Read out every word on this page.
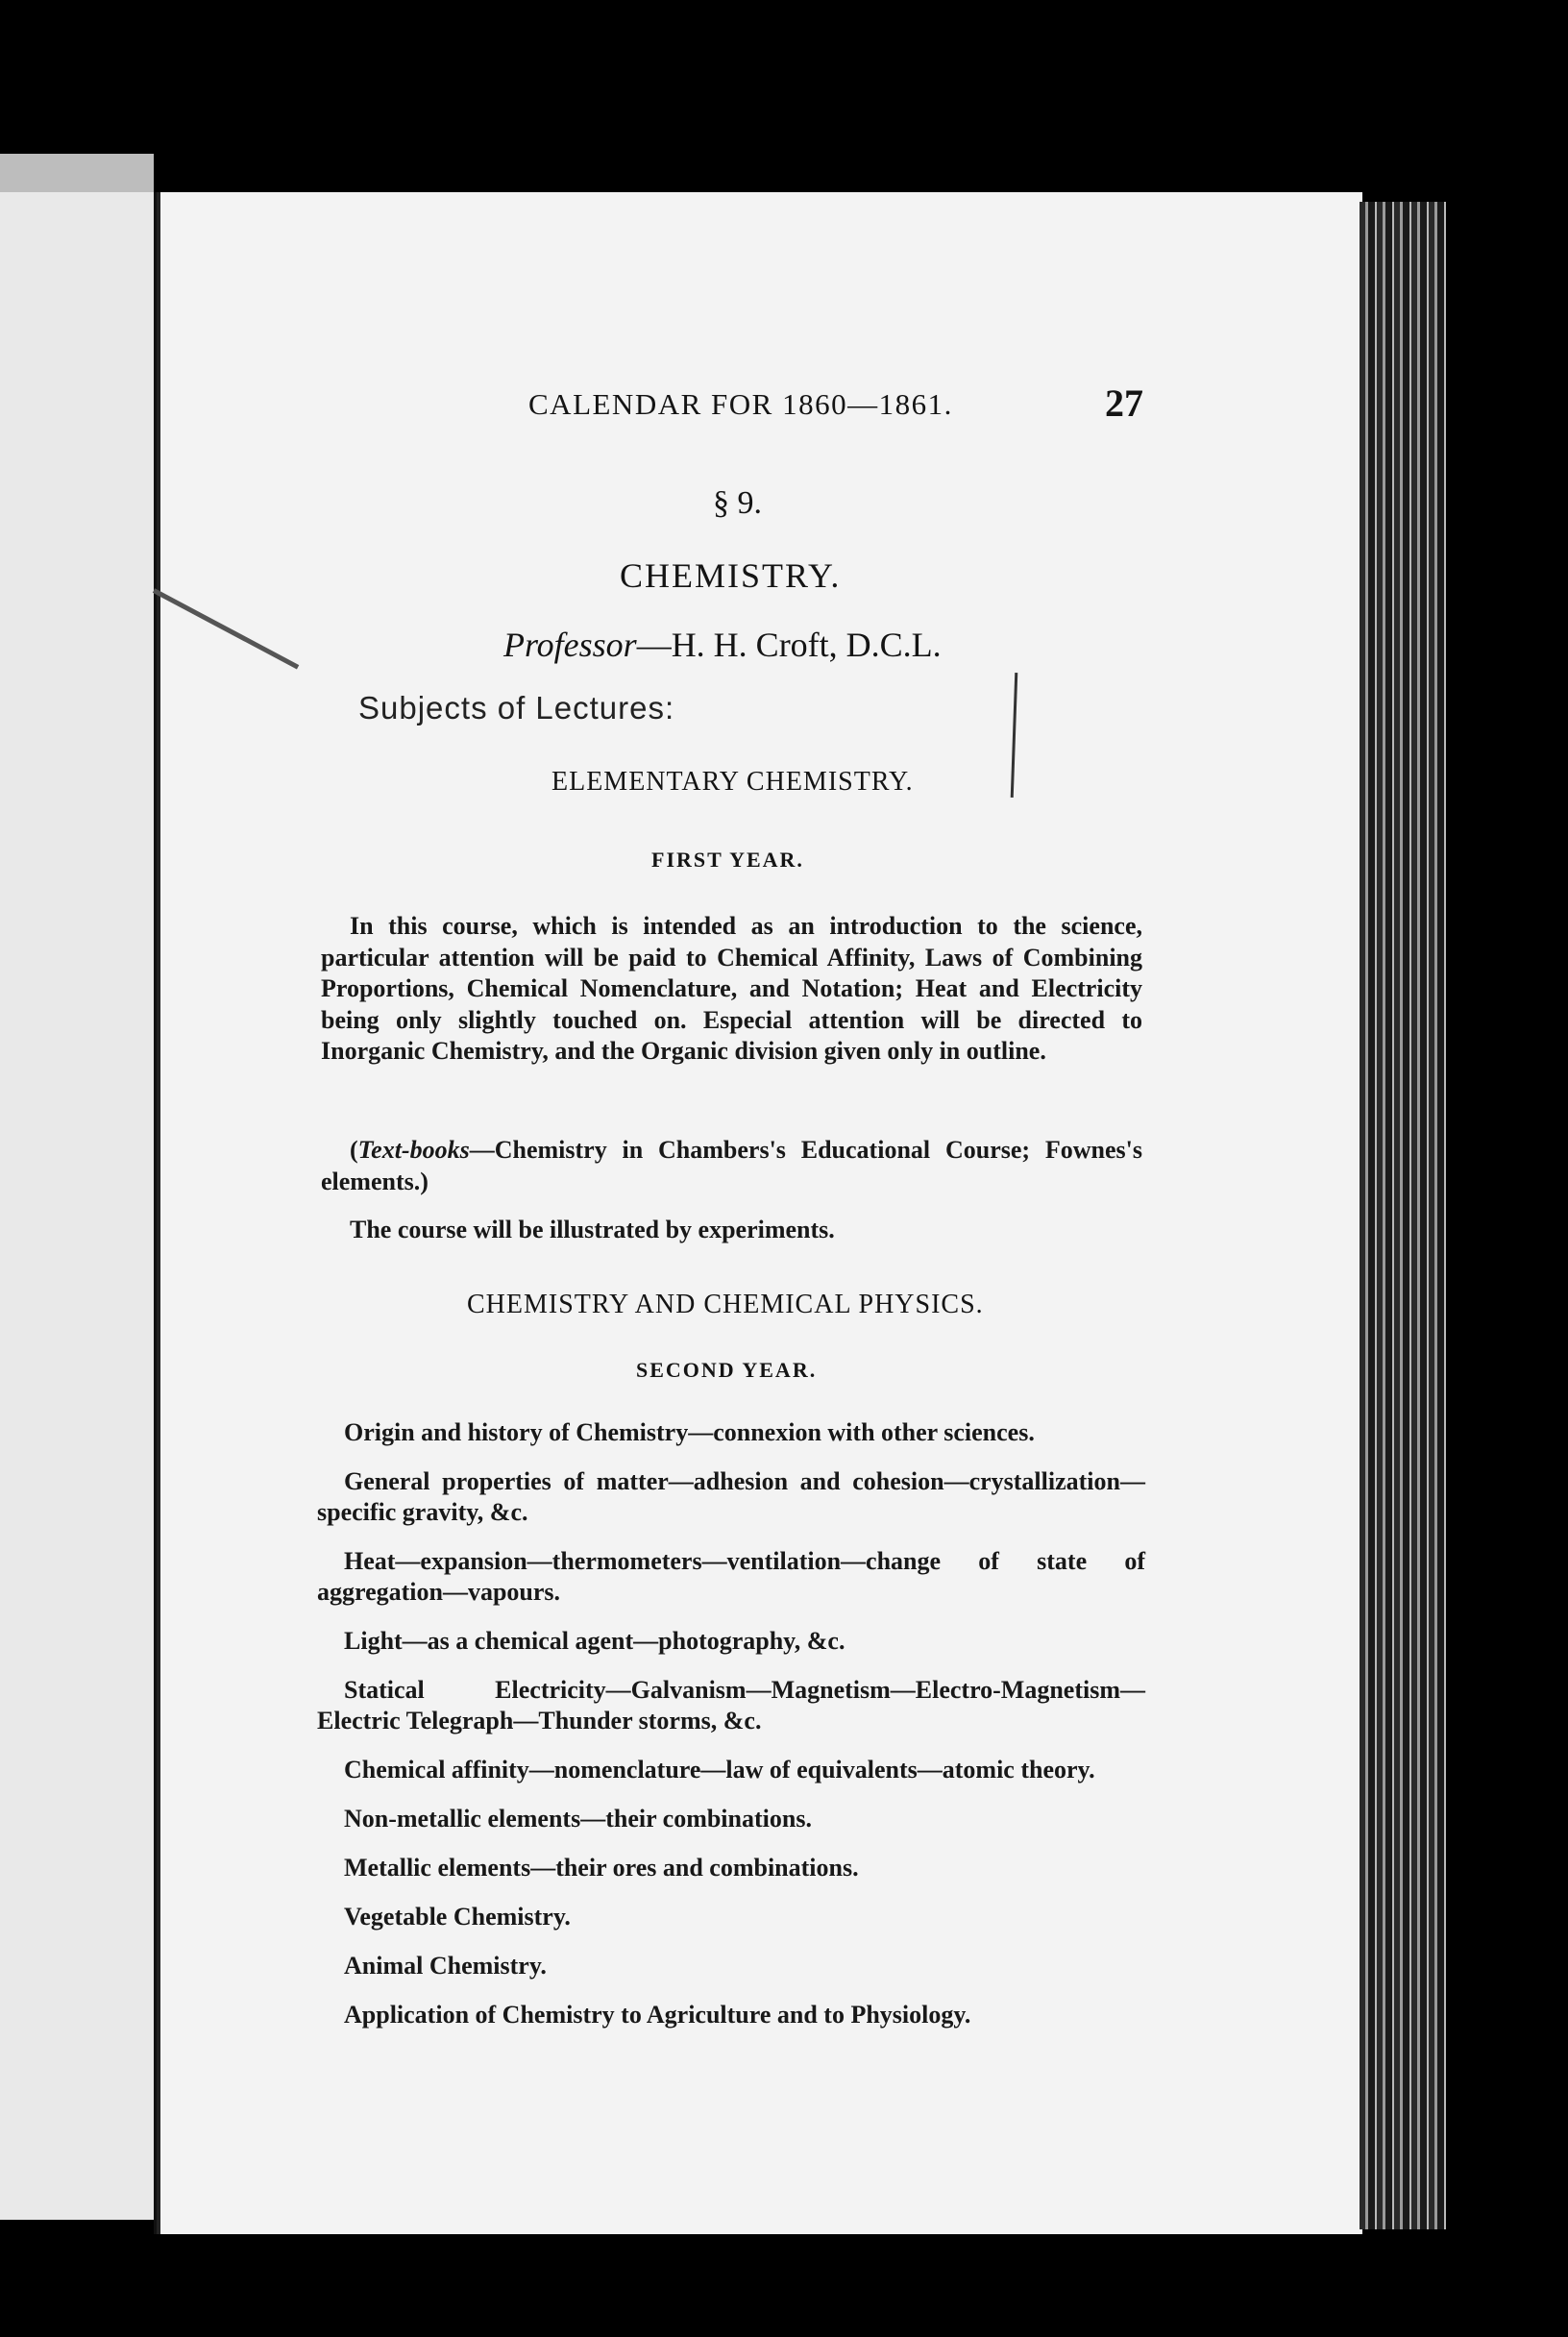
CALENDAR FOR 1860—1861.	27
§ 9.
CHEMISTRY.
Professor—H. H. Croft, D.C.L.
Subjects of Lectures:
ELEMENTARY CHEMISTRY.
FIRST YEAR.
In this course, which is intended as an introduction to the science, particular attention will be paid to Chemical Affinity, Laws of Combining Proportions, Chemical Nomenclature, and Notation; Heat and Electricity being only slightly touched on. Especial attention will be directed to Inorganic Chemistry, and the Organic division given only in outline.
(Text-books—Chemistry in Chambers's Educational Course; Fownes's elements.)
The course will be illustrated by experiments.
CHEMISTRY AND CHEMICAL PHYSICS.
SECOND YEAR.
Origin and history of Chemistry—connexion with other sciences.
General properties of matter—adhesion and cohesion—crystallization—specific gravity, &c.
Heat—expansion—thermometers—ventilation—change of state of aggregation—vapours.
Light—as a chemical agent—photography, &c.
Statical Electricity—Galvanism—Magnetism—Electro-Magnetism—Electric Telegraph—Thunder storms, &c.
Chemical affinity—nomenclature—law of equivalents—atomic theory.
Non-metallic elements—their combinations.
Metallic elements—their ores and combinations.
Vegetable Chemistry.
Animal Chemistry.
Application of Chemistry to Agriculture and to Physiology.
